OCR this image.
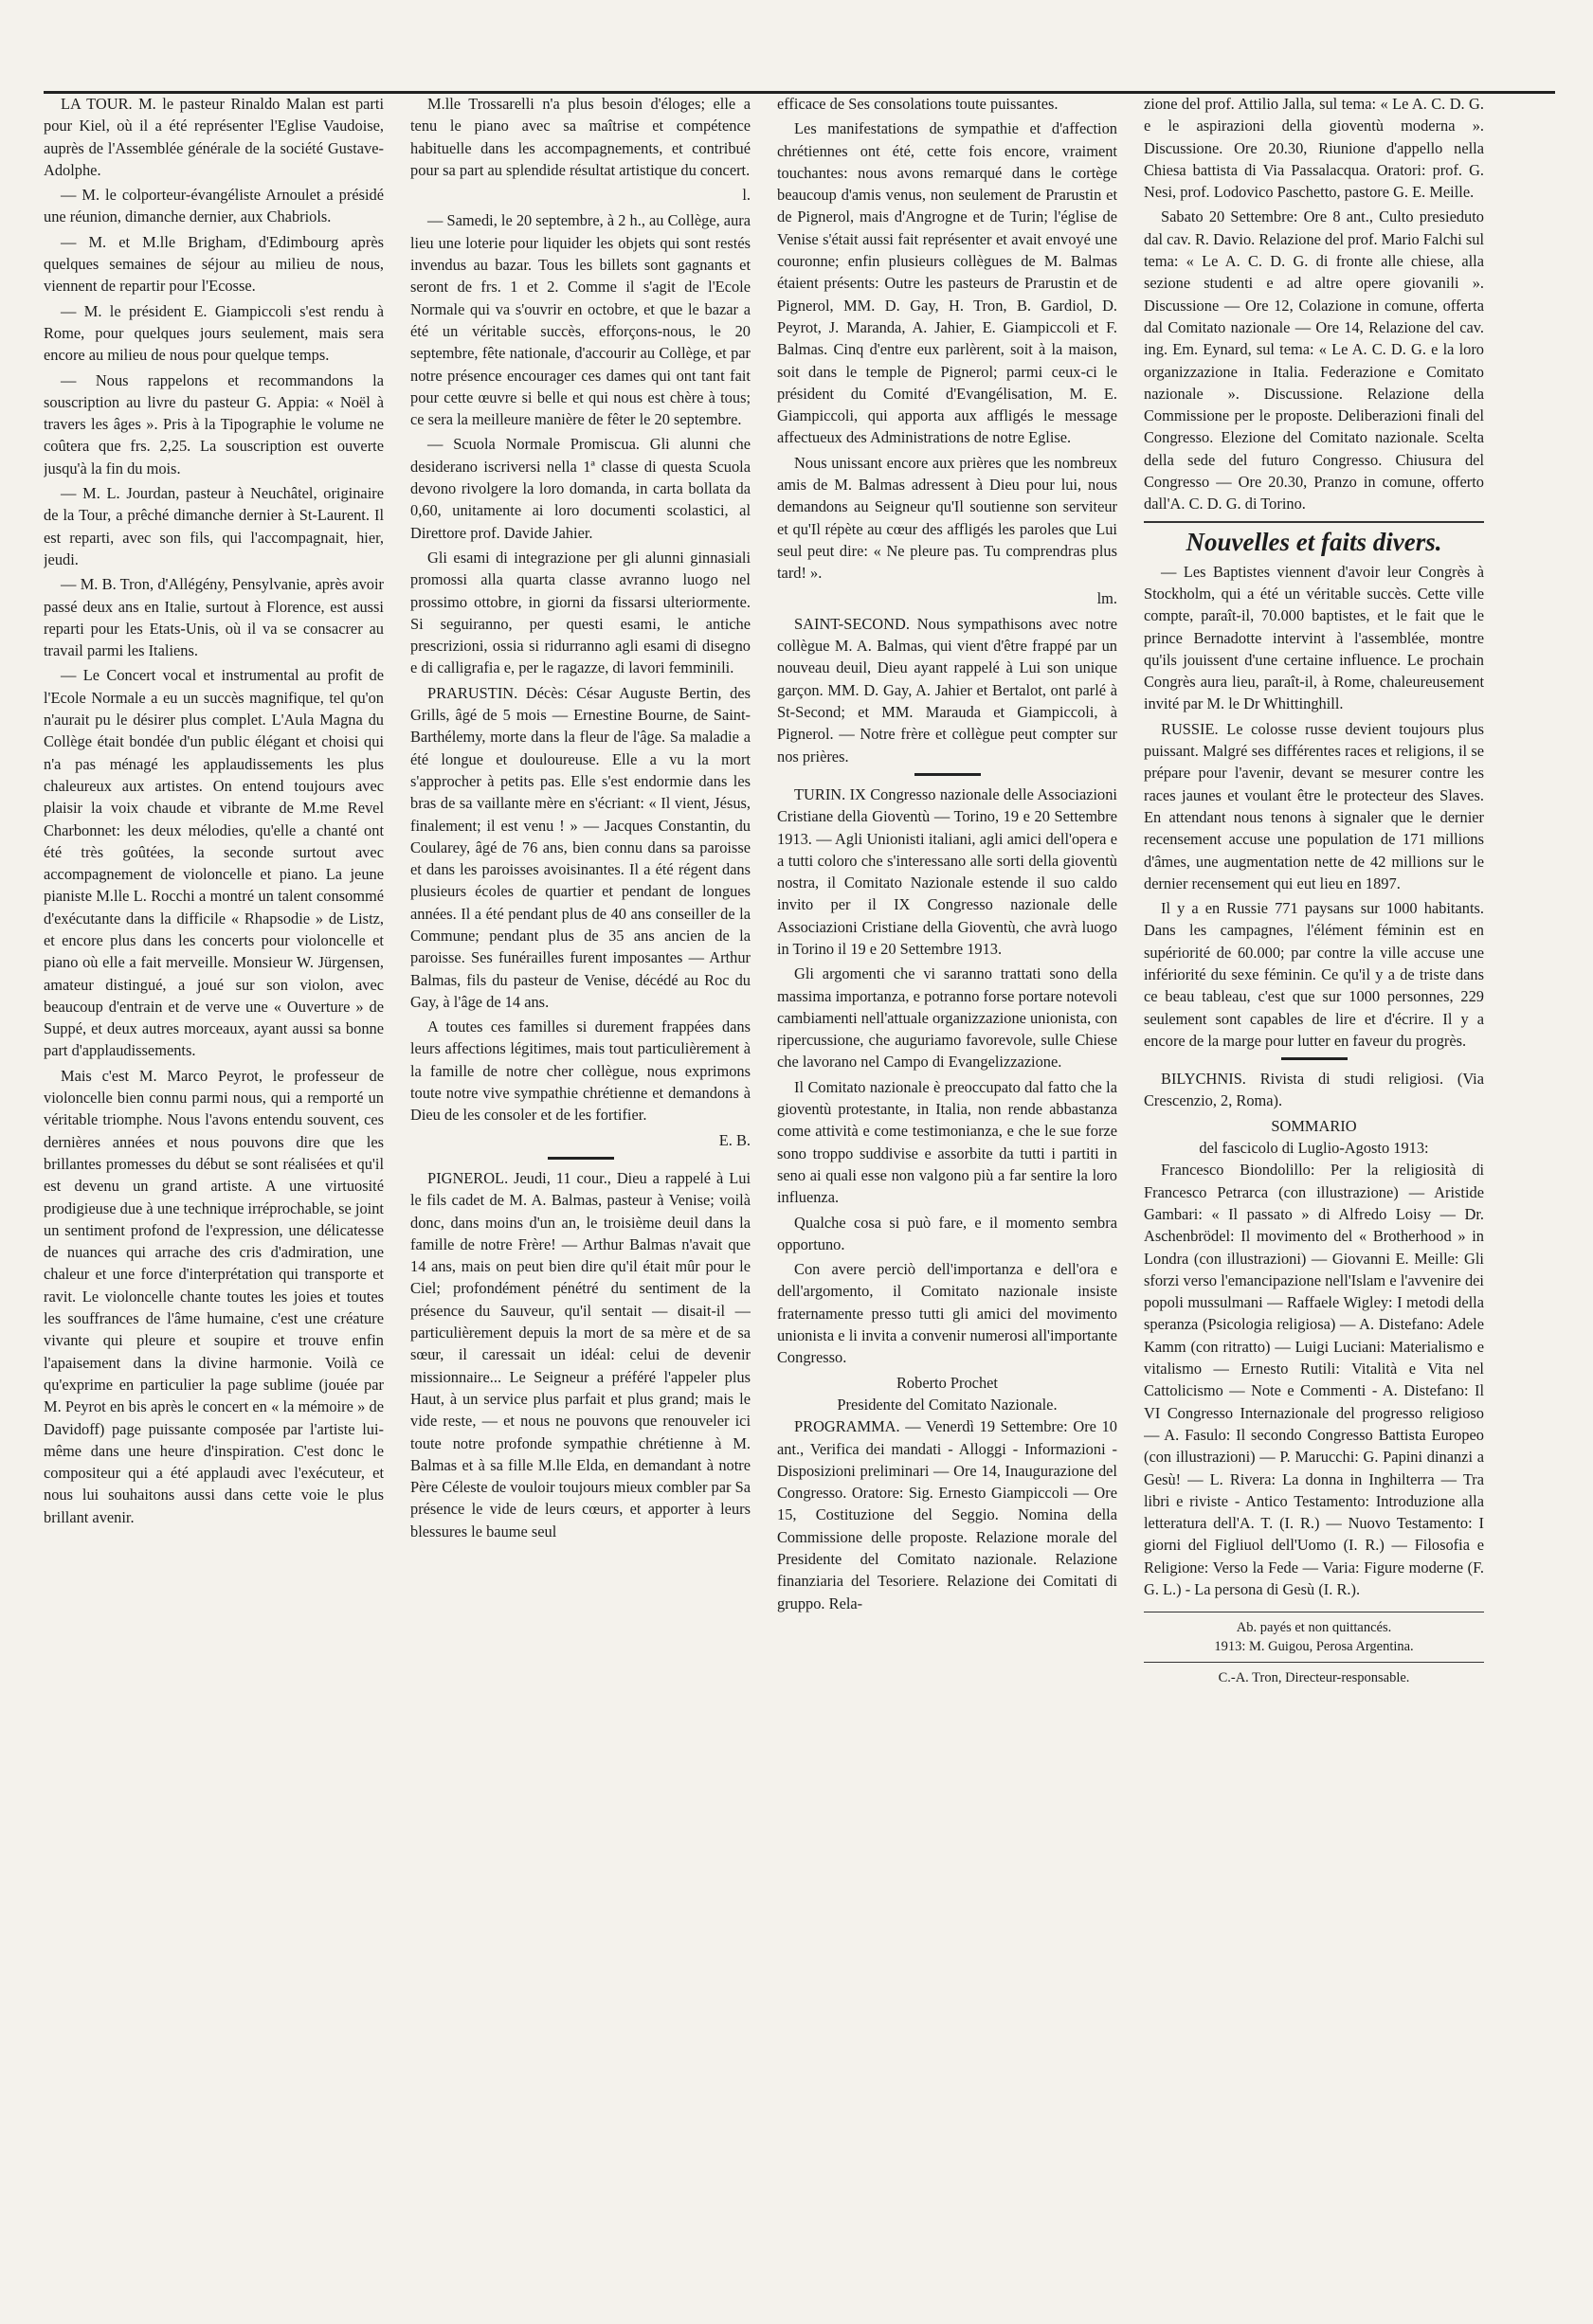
LA TOUR. M. le pasteur Rinaldo Malan est parti pour Kiel, où il a été représenter l'Eglise Vaudoise, auprès de l'Assemblée générale de la société Gustave-Adolphe.

— M. le colporteur-évangéliste Arnoulet a présidé une réunion, dimanche dernier, aux Chabriols.

— M. et M.lle Brigham, d'Edimbourg après quelques semaines de séjour au milieu de nous, viennent de repartir pour l'Ecosse.

— M. le président E. Giampiccoli s'est rendu à Rome, pour quelques jours seulement, mais sera encore au milieu de nous pour quelque temps.

— Nous rappelons et recommandons la souscription au livre du pasteur G. Appia: « Noël à travers les âges ». Pris à la Tipographie le volume ne coûtera que frs. 2,25. La souscription est ouverte jusqu'à la fin du mois.

— M. L. Jourdan, pasteur à Neuchâtel, originaire de la Tour, a prêché dimanche dernier à St-Laurent. Il est reparti, avec son fils, qui l'accompagnait, hier, jeudi.

— M. B. Tron, d'Allégény, Pensylvanie, après avoir passé deux ans en Italie, surtout à Florence, est aussi reparti pour les Etats-Unis, où il va se consacrer au travail parmi les Italiens.

— Le Concert vocal et instrumental au profit de l'Ecole Normale a eu un succès magnifique, tel qu'on n'aurait pu le désirer plus complet. L'Aula Magna du Collège était bondée d'un public élégant et choisi qui n'a pas ménagé les applaudissements les plus chaleureux aux artistes. On entend toujours avec plaisir la voix chaude et vibrante de M.me Revel Charbonnet: les deux mélodies, qu'elle a chanté ont été très goûtées, la seconde surtout avec accompagnement de violoncelle et piano. La jeune pianiste M.lle L. Rocchi a montré un talent consommé d'exécutante dans la difficile « Rhapsodie » de Listz, et encore plus dans les concerts pour violoncelle et piano où elle a fait merveille. Monsieur W. Jürgensen, amateur distingué, a joué sur son violon, avec beaucoup d'entrain et de verve une « Ouverture » de Suppé, et deux autres morceaux, ayant aussi sa bonne part d'applaudissements.

Mais c'est M. Marco Peyrot, le professeur de violoncelle bien connu parmi nous, qui a remporté un véritable triomphe. Nous l'avons entendu souvent, ces dernières années et nous pouvons dire que les brillantes promesses du début se sont réalisées et qu'il est devenu un grand artiste. A une virtuosité prodigieuse due à une technique irréprochable, se joint un sentiment profond de l'expression, une délicatesse de nuances qui arrache des cris d'admiration, une chaleur et une force d'interprétation qui transporte et ravit. Le violoncelle chante toutes les joies et toutes les souffrances de l'âme humaine, c'est une créature vivante qui pleure et soupire et trouve enfin l'apaisement dans la divine harmonie. Voilà ce qu'exprime en particulier la page sublime (jouée par M. Peyrot en bis après le concert en « la mémoire » de Davidoff) page puissante composée par l'artiste lui-même dans une heure d'inspiration. C'est donc le compositeur qui a été applaudi avec l'exécuteur, et nous lui souhaitons aussi dans cette voie le plus brillant avenir.

M.lle Trossarelli n'a plus besoin d'éloges; elle a tenu le piano avec sa maîtrise et compétence habituelle dans les accompagnements, et contribué pour sa part au splendide résultat artistique du concert.

l.

— Samedi, le 20 septembre, à 2 h., au Collège, aura lieu une loterie pour liquider les objets qui sont restés invendus au bazar. Tous les billets sont gagnants et seront de frs. 1 et 2. Comme il s'agit de l'Ecole Normale qui va s'ouvrir en octobre, et que le bazar a été un véritable succès, efforçons-nous, le 20 septembre, fête nationale, d'accourir au Collège, et par notre présence encourager ces dames qui ont tant fait pour cette œuvre si belle et qui nous est chère à tous; ce sera la meilleure manière de fêter le 20 septembre.

— Scuola Normale Promiscua. Gli alunni che desiderano iscriversi nella 1ª classe di questa Scuola devono rivolgere la loro domanda, in carta bollata da 0,60, unitamente ai loro documenti scolastici, al Direttore prof. Davide Jahier.

Gli esami di integrazione per gli alunni ginnasiali promossi alla quarta classe avranno luogo nel prossimo ottobre, in giorni da fissarsi ulteriormente. Si seguiranno, per questi esami, le antiche prescrizioni, ossia si ridurranno agli esami di disegno e di calligrafia e, per le ragazze, di lavori femminili.

PRARUSTIN. Décès: César Auguste Bertin, des Grills, âgé de 5 mois — Ernestine Bourne, de Saint-Barthélemy, morte dans la fleur de l'âge. Sa maladie a été longue et douloureuse. Elle a vu la mort s'approcher à petits pas. Elle s'est endormie dans les bras de sa vaillante mère en s'écriant: « Il vient, Jésus, finalement; il est venu ! » — Jacques Constantin, du Coularey, âgé de 76 ans, bien connu dans sa paroisse et dans les paroisses avoisinantes. Il a été régent dans plusieurs écoles de quartier et pendant de longues années. Il a été pendant plus de 40 ans conseiller de la Commune; pendant plus de 35 ans ancien de la paroisse. Ses funérailles furent imposantes — Arthur Balmas, fils du pasteur de Venise, décédé au Roc du Gay, à l'âge de 14 ans.

A toutes ces familles si durement frappées dans leurs affections légitimes, mais tout particulièrement à la famille de notre cher collègue, nous exprimons toute notre vive sympathie chrétienne et demandons à Dieu de les consoler et de les fortifier.

E. B.

PIGNEROL. Jeudi, 11 cour., Dieu a rappelé à Lui le fils cadet de M. A. Balmas, pasteur à Venise; voilà donc, dans moins d'un an, le troisième deuil dans la famille de notre Frère! — Arthur Balmas n'avait que 14 ans, mais on peut bien dire qu'il était mûr pour le Ciel; profondément pénétré du sentiment de la présence du Sauveur, qu'il sentait — disait-il — particulièrement depuis la mort de sa mère et de sa sœur, il caressait un idéal: celui de devenir missionnaire... Le Seigneur a préféré l'appeler plus Haut, à un service plus parfait et plus grand; mais le vide reste, — et nous ne pouvons que renouveler ici toute notre profonde sympathie chrétienne à M. Balmas et à sa fille M.lle Elda, en demandant à notre Père Céleste de vouloir toujours mieux combler par Sa présence le vide de leurs cœurs, et apporter à leurs blessures le baume seul

efficace de Ses consolations toute puissantes.

Les manifestations de sympathie et d'affection chrétiennes ont été, cette fois encore, vraiment touchantes: nous avons remarqué dans le cortège beaucoup d'amis venus, non seulement de Prarustin et de Pignerol, mais d'Angrogne et de Turin; l'église de Venise s'était aussi fait représenter et avait envoyé une couronne; enfin plusieurs collègues de M. Balmas étaient présents: Outre les pasteurs de Prarustin et de Pignerol, MM. D. Gay, H. Tron, B. Gardiol, D. Peyrot, J. Maranda, A. Jahier, E. Giampiccoli et F. Balmas. Cinq d'entre eux parlèrent, soit à la maison, soit dans le temple de Pignerol; parmi ceux-ci le président du Comité d'Evangélisation, M. E. Giampiccoli, qui apporta aux affligés le message affectueux des Administrations de notre Eglise.

Nous unissant encore aux prières que les nombreux amis de M. Balmas adressent à Dieu pour lui, nous demandons au Seigneur qu'Il soutienne son serviteur et qu'Il répète au cœur des affligés les paroles que Lui seul peut dire: « Ne pleure pas. Tu comprendras plus tard! ».

lm.

SAINT-SECOND. Nous sympathisons avec notre collègue M. A. Balmas, qui vient d'être frappé par un nouveau deuil, Dieu ayant rappelé à Lui son unique garçon. MM. D. Gay, A. Jahier et Bertalot, ont parlé à St-Second; et MM. Marauda et Giampiccoli, à Pignerol. — Notre frère et collègue peut compter sur nos prières.

TURIN. IX Congresso nazionale delle Associazioni Cristiane della Gioventù — Torino, 19 e 20 Settembre 1913. — Agli Unionisti italiani, agli amici dell'opera e a tutti coloro che s'interessano alle sorti della gioventù nostra, il Comitato Nazionale estende il suo caldo invito per il IX Congresso nazionale delle Associazioni Cristiane della Gioventù, che avrà luogo in Torino il 19 e 20 Settembre 1913.

Gli argomenti che vi saranno trattati sono della massima importanza, e potranno forse portare notevoli cambiamenti nell'attuale organizzazione unionista, con ripercussione, che auguriamo favorevole, sulle Chiese che lavorano nel Campo di Evangelizzazione.

Il Comitato nazionale è preoccupato dal fatto che la gioventù protestante, in Italia, non rende abbastanza come attività e come testimonianza, e che le sue forze sono troppo suddivise e assorbite da tutti i partiti in seno ai quali esse non valgono più a far sentire la loro influenza.

Qualche cosa si può fare, e il momento sembra opportuno.

Con avere perciò dell'importanza e dell'ora e dell'argomento, il Comitato nazionale insiste fraternamente presso tutti gli amici del movimento unionista e li invita a convenir numerosi all'importante Congresso.

Roberto Prochet
Presidente del Comitato Nazionale.

PROGRAMMA. — Venerdì 19 Settembre: Ore 10 ant., Verifica dei mandati - Alloggi - Informazioni - Disposizioni preliminari — Ore 14, Inaugurazione del Congresso. Oratore: Sig. Ernesto Giampiccoli — Ore 15, Costituzione del Seggio. Nomina della Commissione delle proposte. Relazione morale del Presidente del Comitato nazionale. Relazione finanziaria del Tesoriere. Relazione dei Comitati di gruppo. Rela-

zione del prof. Attilio Jalla, sul tema: « Le A. C. D. G. e le aspirazioni della gioventù moderna ». Discussione. Ore 20.30, Riunione d'appello nella Chiesa battista di Via Passalacqua. Oratori: prof. G. Nesi, prof. Lodovico Paschetto, pastore G. E. Meille.

Sabato 20 Settembre: Ore 8 ant., Culto presieduto dal cav. R. Davio. Relazione del prof. Mario Falchi sul tema: « Le A. C. D. G. di fronte alle chiese, alla sezione studenti e ad altre opere giovanili ». Discussione — Ore 12, Colazione in comune, offerta dal Comitato nazionale — Ore 14, Relazione del cav. ing. Em. Eynard, sul tema: « Le A. C. D. G. e la loro organizzazione in Italia. Federazione e Comitato nazionale ». Discussione. Relazione della Commissione per le proposte. Deliberazioni finali del Congresso. Elezione del Comitato nazionale. Scelta della sede del futuro Congresso. Chiusura del Congresso — Ore 20.30, Pranzo in comune, offerto dall'A. C. D. G. di Torino.

Nouvelles et faits divers.

— Les Baptistes viennent d'avoir leur Congrès à Stockholm, qui a été un véritable succès. Cette ville compte, paraît-il, 70.000 baptistes, et le fait que le prince Bernadotte intervint à l'assemblée, montre qu'ils jouissent d'une certaine influence. Le prochain Congrès aura lieu, paraît-il, à Rome, chaleureusement invité par M. le Dr Whittinghill.

RUSSIE. Le colosse russe devient toujours plus puissant. Malgré ses différentes races et religions, il se prépare pour l'avenir, devant se mesurer contre les races jaunes et voulant être le protecteur des Slaves. En attendant nous tenons à signaler que le dernier recensement accuse une population de 171 millions d'âmes, une augmentation nette de 42 millions sur le dernier recensement qui eut lieu en 1897.

Il y a en Russie 771 paysans sur 1000 habitants. Dans les campagnes, l'élément féminin est en supériorité de 60.000; par contre la ville accuse une infériorité du sexe féminin. Ce qu'il y a de triste dans ce beau tableau, c'est que sur 1000 personnes, 229 seulement sont capables de lire et d'écrire. Il y a encore de la marge pour lutter en faveur du progrès.

BILYCHNIS. Rivista di studi religiosi. (Via Crescenzio, 2, Roma).

SOMMARIO
del fascicolo di Luglio-Agosto 1913:

Francesco Biondolillo: Per la religiosità di Francesco Petrarca (con illustrazione) — Aristide Gambari: « Il passato » di Alfredo Loisy — Dr. Aschenbrödel: Il movimento del « Brotherhood » in Londra (con illustrazioni) — Giovanni E. Meille: Gli sforzi verso l'emancipazione nell'Islam e l'avvenire dei popoli mussulmani — Raffaele Wigley: I metodi della speranza (Psicologia religiosa) — A. Distefano: Adele Kamm (con ritratto) — Luigi Luciani: Materialismo e vitalismo — Ernesto Rutili: Vitalità e Vita nel Cattolicismo — Note e Commenti - A. Distefano: Il VI Congresso Internazionale del progresso religioso — A. Fasulo: Il secondo Congresso Battista Europeo (con illustrazioni) — P. Marucchi: G. Papini dinanzi a Gesù! — L. Rivera: La donna in Inghilterra — Tra libri e riviste - Antico Testamento: Introduzione alla letteratura dell'A. T. (I. R.) — Nuovo Testamento: I giorni del Figliuol dell'Uomo (I. R.) — Filosofia e Religione: Verso la Fede — Varia: Figure moderne (F. G. L.) - La persona di Gesù (I. R.).

Ab. payés et non quittancés.
1913: M. Guigou, Perosa Argentina.
C.-A. Tron, Directeur-responsable.
